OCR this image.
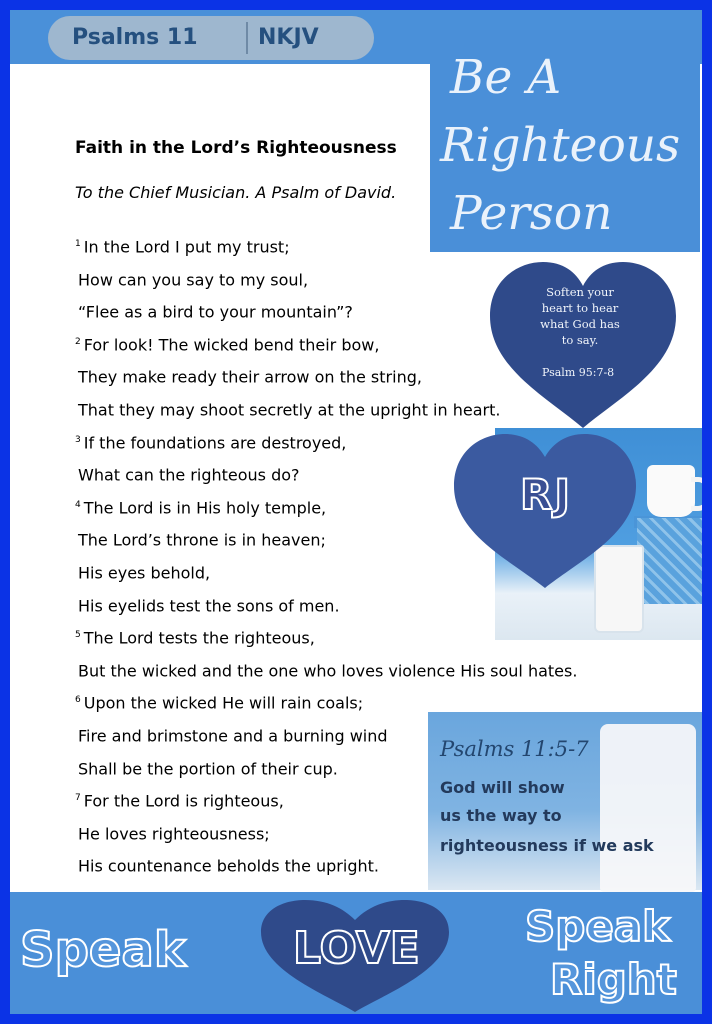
Psalms 11	NKJV
Faith in the Lord’s Righteousness
To the Chief Musician. A Psalm of David.
$^1$ In the Lord I put my trust;
How can you say to my soul,
“Flee as a bird to your mountain”?
$^2$ For look! The wicked bend their bow,
They make ready their arrow on the string,
That they may shoot secretly at the upright in heart.
$^3$ If the foundations are destroyed,
What can the righteous do?
$^4$ The Lord is in His holy temple,
The Lord’s throne is in heaven;
His eyes behold,
His eyelids test the sons of men.
$^5$ The Lord tests the righteous,
But the wicked and the one who loves violence His soul hates.
$^6$ Upon the wicked He will rain coals;
Fire and brimstone and a burning wind
Shall be the portion of their cup.
$^7$ For the Lord is righteous,
He loves righteousness;
His countenance beholds the upright.
Be A
Righteous
Person
Soften your
heart to hear
what God has
to say.
Psalm 95:7-8
RJ
Psalms 11:5-7
God will show
us the way to
righteousness if we ask
Speak LOVE	Speak
Right
